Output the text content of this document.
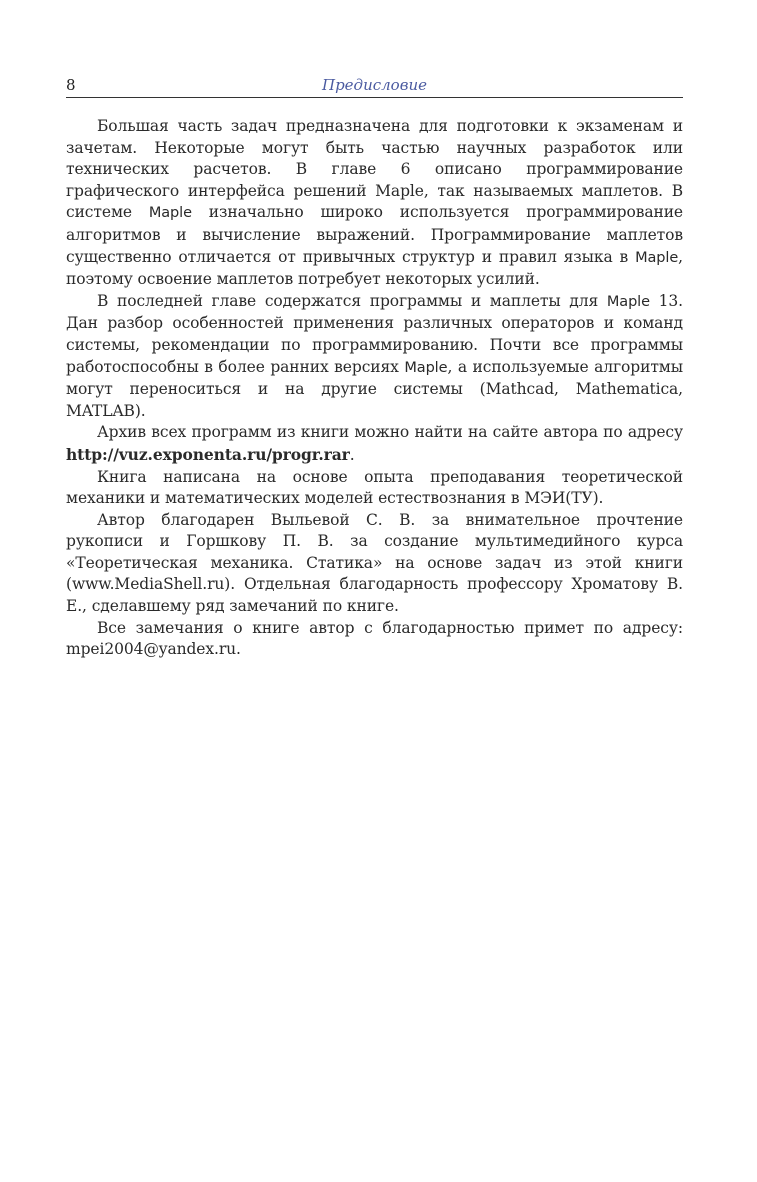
8	Предисловие

Большая часть задач предназначена для подготовки к экзаменам и зачетам. Некоторые могут быть частью научных разработок или технических расчетов. В главе 6 описано программирование графического интерфейса решений Maple, так называемых маплетов. В системе Maple изначально широко используется программирование алгоритмов и вычисление выражений. Программирование маплетов существенно отличается от привычных структур и правил языка в Maple, поэтому освоение маплетов потребует некоторых усилий.

В последней главе содержатся программы и маплеты для Maple 13. Дан разбор особенностей применения различных операторов и команд системы, рекомендации по программированию. Почти все программы работоспособны в более ранних версиях Maple, а используемые алгоритмы могут переноситься и на другие системы (Mathcad, Mathematica, MATLAB).

Архив всех программ из книги можно найти на сайте автора по адресу http://vuz.exponenta.ru/progr.rar.

Книга написана на основе опыта преподавания теоретической механики и математических моделей естествознания в МЭИ(ТУ).

Автор благодарен Выльевой С. В. за внимательное прочтение рукописи и Горшкову П. В. за создание мультимедийного курса «Теоретическая механика. Статика» на основе задач из этой книги (www.MediaShell.ru). Отдельная благодарность профессору Хроматову В. Е., сделавшему ряд замечаний по книге.

Все замечания о книге автор с благодарностью примет по адресу: mpei2004@yandex.ru.
